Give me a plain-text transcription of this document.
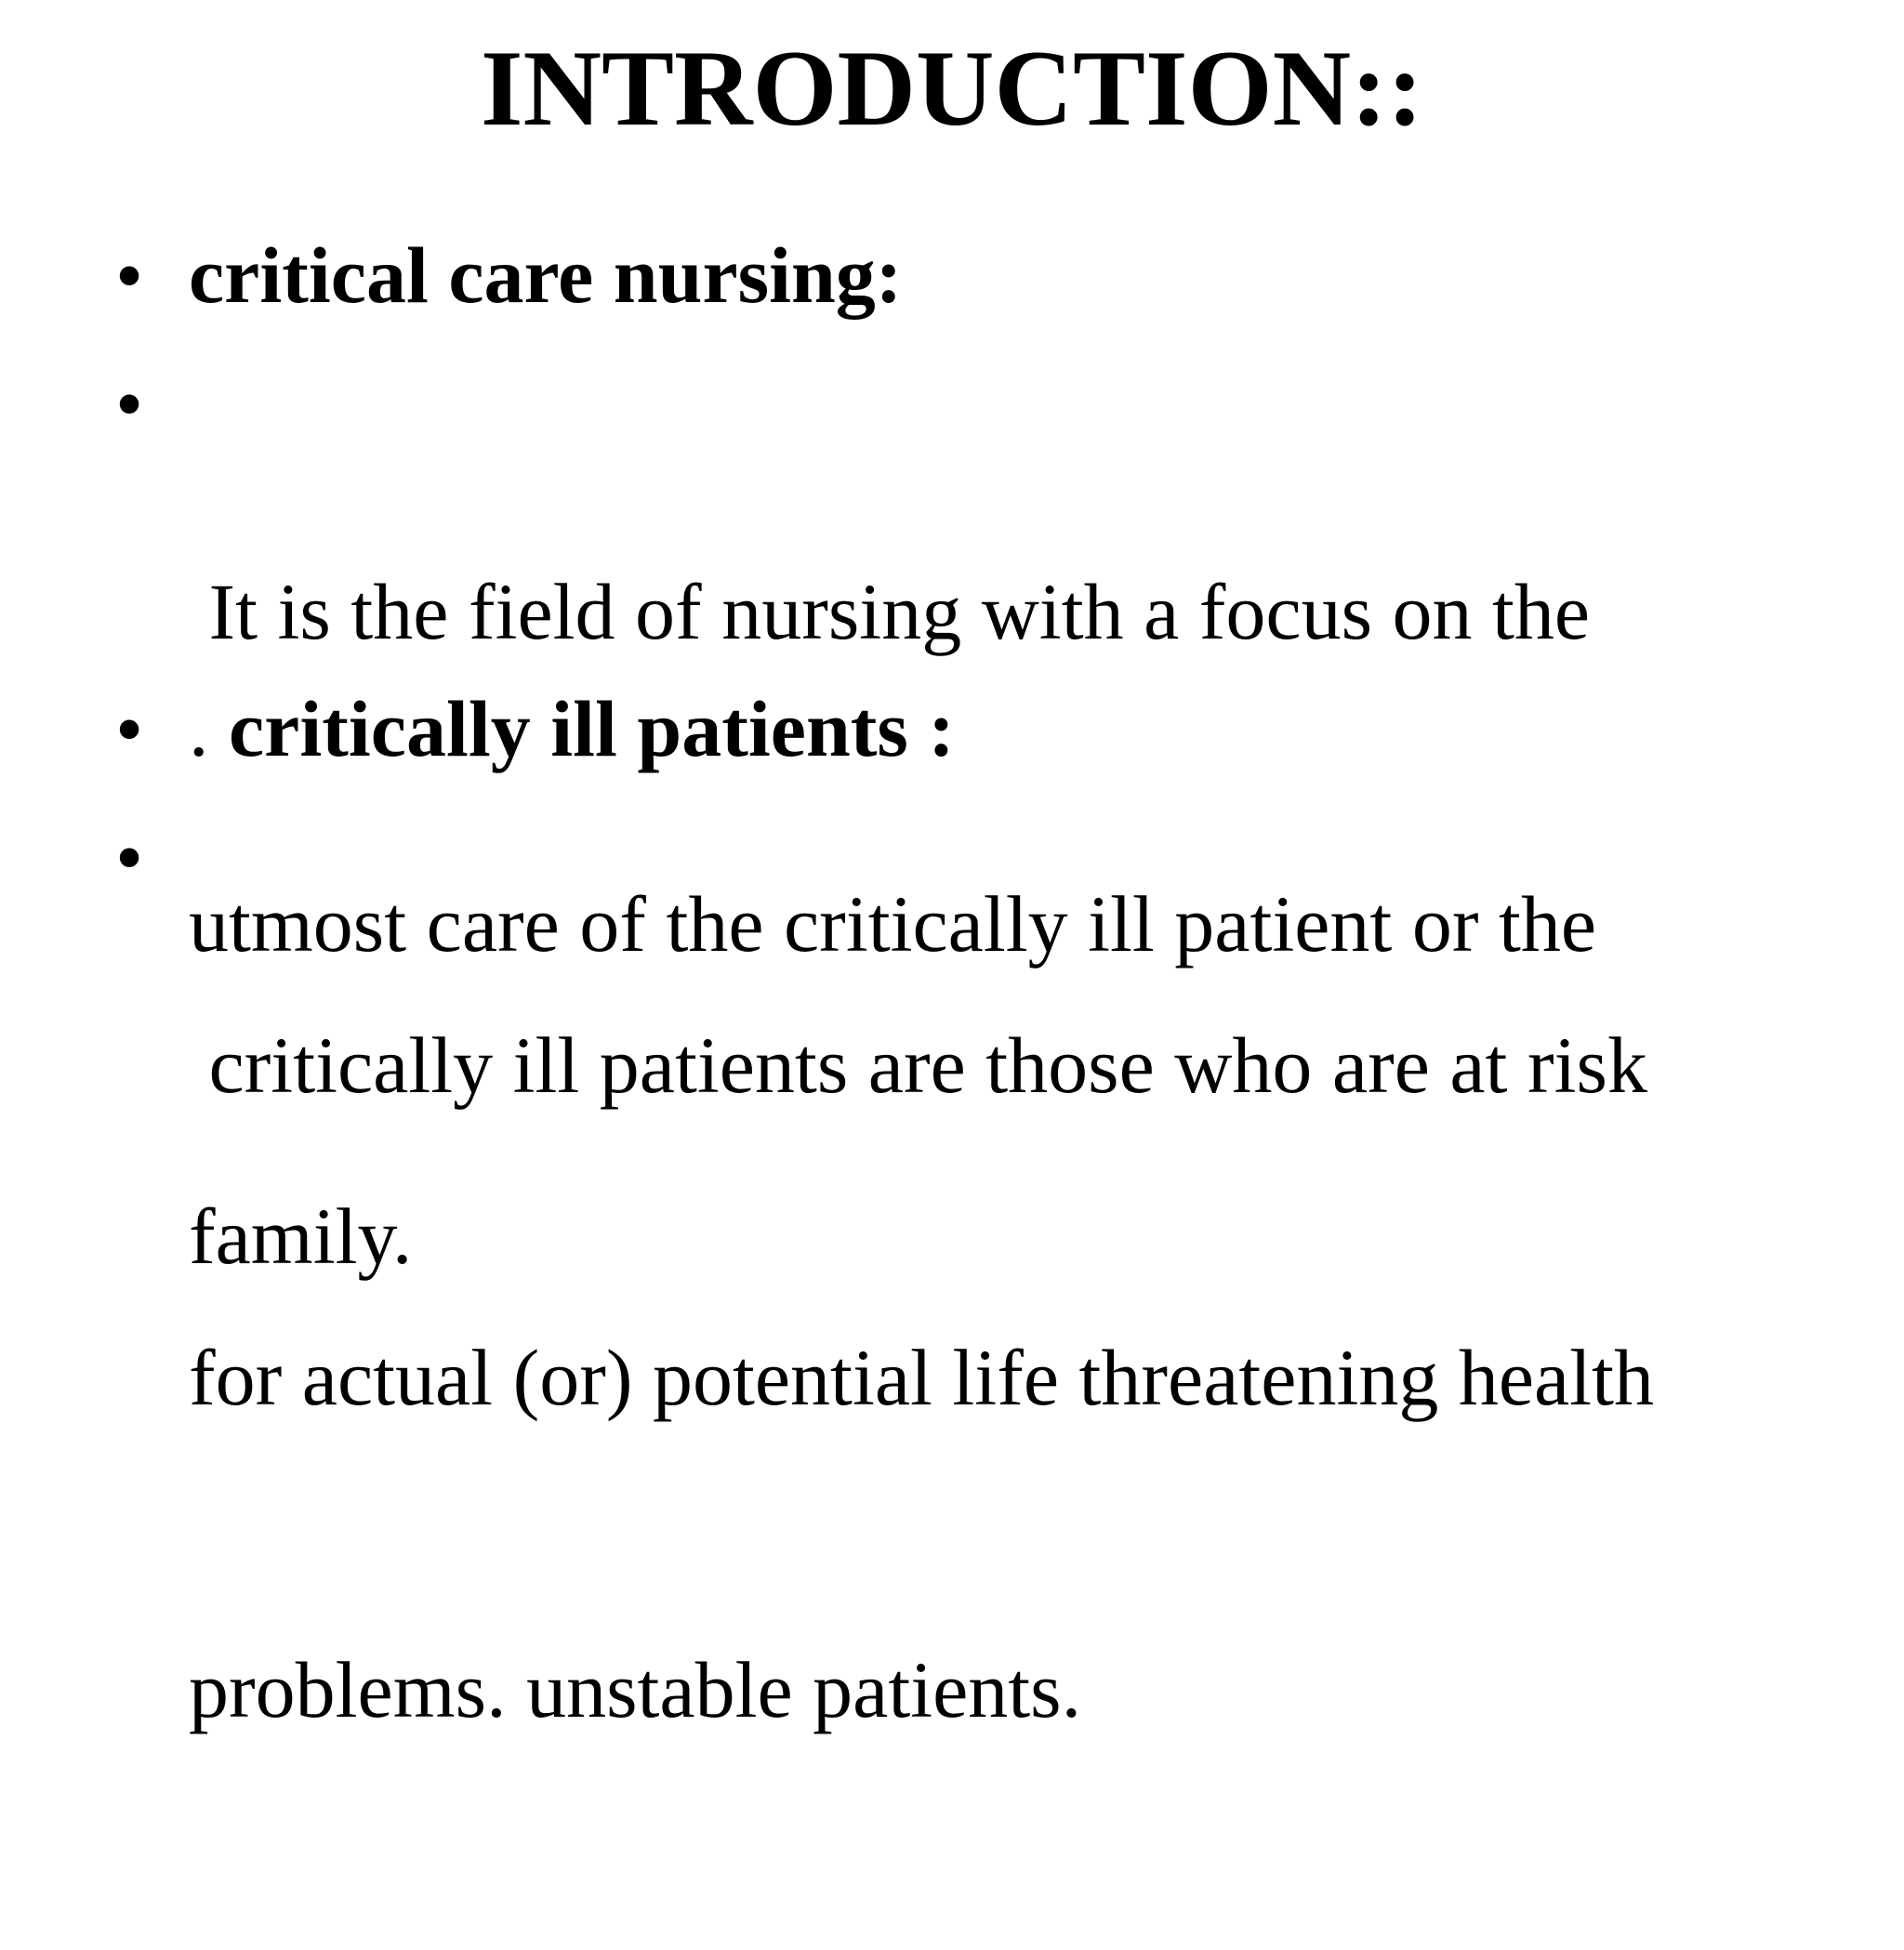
INTRODUCTION::
• critical care nursing:
•

It is the field of nursing with a focus on the

utmost care of the critically ill patient or the

family.

• . critically ill patients :
•

critically ill patients are those who are at risk

for actual (or) potential life threatening health

problems. unstable patients.
